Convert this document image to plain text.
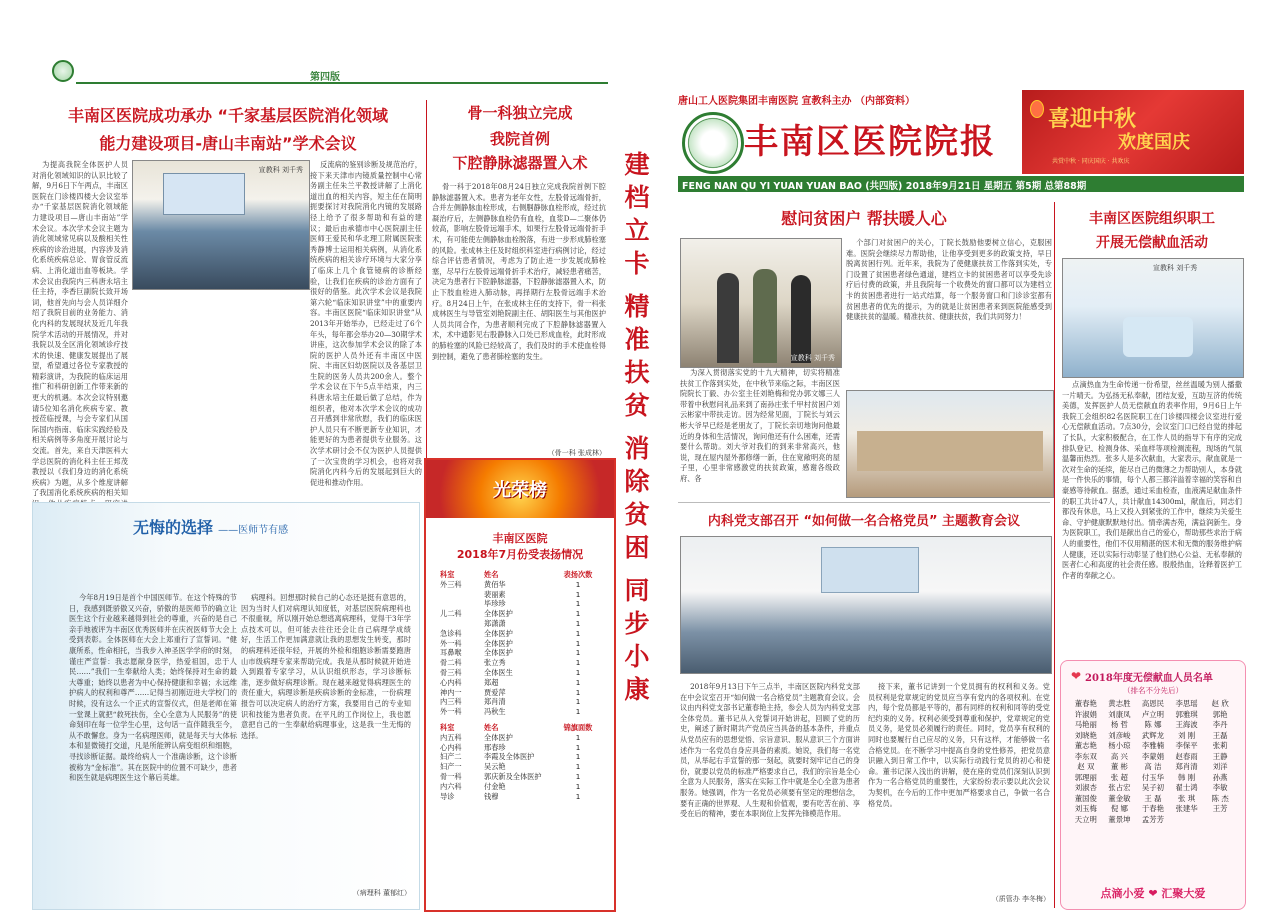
第四版
丰南区医院成功承办 “千家基层医院消化领域
能力建设项目-唐山丰南站”学术会议
为提高我院全体医护人员对消化领域知识的认识比较了解，9月6日下午两点，丰南区医院在门诊楼四楼大会议室举办“千家基层医院消化领域能力建设项目—唐山丰南站”学术会议。本次学术会议主题为消化领域常见病以及酸相关性疾病的诊治进展，内容涉及消化系统疾病总论、胃食管反流病、上消化道出血等板块。学术会议由我院内三科唐永培主任主持，李香巨副院长致开场词，他首先向与会人员详细介绍了我院目前的业务能力、消化内科的发展现状及近几年我院学术活动的开展情况，并对我院以及全区消化领域诊疗技术的快速、健康发展提出了展望，希望通过各位专家教授的精彩演讲，为我院的临床运用推广和科研创新工作带来新的更大的机遇。本次会议特别邀请5位知名消化疾病专家、教授莅临授课，与会专家们从国际国内指南、临床实践经验及相关病例等多角度开展讨论与交流。首先，来自天津医科大学总医院的消化科主任王邦茂教授以《我们身边的消化系统疾病》为题，从多个维度讲解了我国消化系统疾病的相关知
宣教科 刘千秀
反流病的鉴别诊断及规范治疗，接下来天津市内镜质量控制中心常务副主任朱兰平教授讲解了上消化道出血的相关内容，短主任在简明扼要探讨对我院消化内镜的发展路径上给予了很多帮助和有益的建议；最后由承德市中心医院副主任医师王爱民和华北理工附属医院张秀静博士运用相关病例，从消化系统疾病的相关诊疗环境与大家分享了临床上几个食管镜病的诊断经验，让我们在疾病的诊治方面有了很好的借鉴。此次学术会议是我院第六轮“临床知识讲堂”中的重要内容。丰南区医院“临床知识讲堂”从2013年开始举办，已经走过了6个年头，每年都会举办20—30期学术讲座，这次参加学术会议的除了本院的医护人员外还有丰南区中医院、丰南区妇幼医院以及各基层卫生院的医务人员共200余人。整个学术会议在下午5点半结束，内三科唐永培主任最后做了总结，作为组织者，他对本次学术会议的成功召开感到非常欣慰，我们的临床医护人员只有不断更新专业知识，才能更好的为患者提供专业服务。这次学术研讨会不仅为医护人员提供了一次宝贵的学习机会，也将对我院消化内科今后的发展起到巨大的促进和推动作用。
骨一科独立完成
我院首例
下腔静脉滤器置入术
骨一科于2018年08月24日独立完成我院首例下腔静脉滤器置入术。患者为老年女性，左股骨远端骨折，合并左侧静脉血栓形成，右侧腘静脉血栓形成，经过抗凝治疗后，左侧静脉血栓仍有血栓，血浆D—二聚体仍较高，影响左股骨远端手术，如果行左股骨远端骨折手术，有可能使左侧静脉血栓脱落，有进一步形成肺栓塞的风险。张成林主任及时组织科室进行病例讨论，经过综合评估患者情况，考虑为了防止进一步发展成肺栓塞，尽早行左股骨远端骨折手术治疗，减轻患者痛苦，决定为患者行下腔静脉滤器，下腔静脉滤器置入术，防止下肢血栓进入肺动脉，再择期行左股骨远端手术治疗。8月24日上午，在张成林主任的支持下，骨一科张成林医生与导管室刘艳院副主任、胡阳医生与其他医护人员共同合作，为患者顺利完成了下腔静脉滤器置入术，术中通影见右股静脉入口处已形成血栓，此时形成的肺栓塞的风险已经较高了，我们及时的手术使血栓得到控制，避免了患者肺栓塞的发生。
（骨一科 张成林）
无悔的选择 ——医师节有感
今年8月19日是首个中国医师节。在这个特殊的节日，我感到既骄傲又兴奋，骄傲的是医师节的确立让医生这个行业越来越得到社会的尊重，兴奋的是自己亲手地被评为丰南区优秀医师并在庆祝医师节大会上受到表彰。全体医师在大会上郑重行了宣誓词。“健康所系，性命相托，当我步入神圣医学学府的时刻，谨庄严宣誓：我志愿献身医学，热爱祖国，忠于人民……”我们一生奉献给人类；始终保持对生命的最大尊重；始终以患者为中心保持健康和幸福；永远维护病人的权利和尊严……记得当初刚迈进大学校门的时候，没有这么一个正式的宣誓仪式，但是老师在第一堂课上就把“救死扶伤，全心全意为人民服务”的使命刻印在每一位学生心里，这句话一直伴随我至今，从不敢懈怠。身为一名病理医师，就是每天与大体标本和显微镜打交道，凡是所能辨认病变组织和细胞，寻找诊断证据。最终给病人一个准确诊断，这个诊断被称为“金标准”。其在医院中的位置不可缺少，患者和医生就是病理医生这个幕后英雄。
病理科。回想那时候自己的心态还是挺有意思的，因为当时人们对病理认知度低，对基层医院病理科也不很重视，所以刚开始总想逃离病理科，觉得干3年学点技术可以，但可能去往往还会让自己病理学成绩好，生活工作更加满意就让我的思想发生转变，那时的病理科还很年轻，开展的外检和细胞诊断需要跑唐山市级病理专家来帮助完成。我是从那时候就开始进入到跟着专家学习，从认识组织形态，学习诊断标准，逐步做好病理诊断。现在越来越觉得病理医生的责任重大，病理诊断是疾病诊断的金标准，一份病理报告可以决定病人的治疗方案，我要用自己的专业知识和技能为患者负责。在平凡的工作岗位上，我也愿意把自己的一生奉献给病理事业，这是我一生无悔的选择。
（病理科 董郁红）
光荣榜
丰南区医院
2018年7月份受表扬情况
科室	姓名	表扬次数
外三科	黄佰华	1
裴丽素	1
毕珍珍	1
儿二科	全体医护	1
郑潇潇	1
急诊科	全体医护	1
外一科	全体医护	1
耳鼻喉	全体医护	1
骨二科	张立秀	1
骨三科	全体医生	1
心内科	郑超	1
神内一	贾爱萍	1
内三科	郑肖清	1
外一科	冯秋生	1
科室	姓名	锦旗面数
内五科	全体医护	1
心内科	邢春珍	1
妇产二	李霞及全体医护	1
妇产一	吴云艳	1
骨一科	郭庆新及全体医护	1
内六科	付金艳	1
导诊	钱穆	1
建
档
立
卡
精
准
扶
贫
消
除
贫
困
同
步
小
康
唐山工人医院集团丰南医院 宣教科主办 （内部资料）
丰南区医院院报
喜迎中秋
欢度国庆
共赏中秋 · 同庆国庆 · 共欢庆
FENG NAN QU YI YUAN YUAN BAO (共四版) 2018年9月21日 星期五 第5期 总第88期
慰问贫困户 帮扶暖人心
宣教科 刘千秀
个部门对贫困户的关心，丁院长鼓励他要树立信心，克服困难。医院会继续尽力帮助他，让他享受到更多的政策支持，早日脱离贫困行列。近年来，我院为了使健康扶贫工作落到实处，专门设置了贫困患者绿色通道，建档立卡的贫困患者可以享受先诊疗后付费的政策，并且我院每一个收费处的窗口都可以为建档立卡的贫困患者进行一站式结算，每一个服务窗口和门诊诊室都有贫困患者的优先的提示，为的就是让贫困患者来到医院能感受到健康扶贫的温暖。精准扶贫、健康扶贫，我们共同努力！
为深入贯彻落实党的十九大精神，切实将精准扶贫工作落到实处，在中秋节来临之际，丰南区医院院长丁毅、办公室主任刘艳梅和党办郭文娜三人带着中秋慰问礼品来到了南孙庄张千甲村贫困户刘云彬家中带扶走访。因为经常见面，丁院长与刘云彬大爷早已经是老朋友了，丁院长亲切地询问他最近的身体和生活情况，询问他还有什么困难，还需要什么帮助。刘大爷对我们的到来非常高兴，他说，现在屋内屋外都修缮一新，住在宽敞明亮的屋子里，心里非常感激党的扶贫政策，感谢各级政府、各
内科党支部召开 “如何做一名合格党员” 主题教育会议
2018年9月13日下午三点半，丰南区医院内科党支部在中会议室召开“如何做一名合格党员”主题教育会议。会议由内科党支部书记董春艳主持，参会人员为内科党支部全体党员。董书记从入党誓词开始讲起，回顾了党的历史，阐述了新时期共产党员应当具备的基本条件，并重点从党员应有的思想觉悟、宗旨意识、服从意识三个方面讲述作为一名党员自身应具备的素质。她说，我们每一名党员，从举起右手宣誓的那一刻起，就要时刻牢记自己的身份，就要以党员的标准严格要求自己，我们的宗旨是全心全意为人民服务，落实在实际工作中就是全心全意为患者服务。她强调，作为一名党员必须要有坚定的理想信念，要有正确的世界观、人生观和价值观，要有吃苦在前、享受在后的精神，要在本职岗位上发挥先锋模范作用。
接下来，董书记讲到一个党员拥有的权利和义务。党员权利是党章规定的党员应当享有党内的各项权利。在党内，每个党员都是平等的，都有同样的权利和同等的受党纪约束的义务。权利必须受到尊重和保护，党章规定的党员义务，是党员必须履行的责任。同时，党员享有权利的同时也要履行自己应尽的义务，只有这样，才能够做一名合格党员。在不断学习中提高自身的党性修养，把党员意识融入到日常工作中，以实际行动践行党员的初心和使命。董书记深入浅出的讲解，使在座的党员们深刻认识到作为一名合格党员的重要性，大家纷纷表示要以此次会议为契机，在今后的工作中更加严格要求自己，争做一名合格党员。
（质管办 李冬梅）
丰南区医院组织职工
开展无偿献血活动
宣教科 刘千秀
点滴热血为生命传递一份希望，丝丝温暖为别人播撒一片晴天。为弘扬无私奉献，团结友爱，互助互济的传统美德，发挥医护人员无偿献血的表率作用，9月6日上午我院工会组织82名医院职工在门诊楼四楼会议室进行爱心无偿献血活动。7点30分，会议室门口已经自觉的排起了长队，大家积极配合，在工作人员的指导下有序的完成排队登记、检测身体、采血样等项检测流程，现场的气氛温馨而热烈。张多人是多次献血，大家表示，献血就是一次对生命的延续，能尽自己的微薄之力帮助别人，本身就是一件快乐的事情，每个人都三都洋溢着幸福的笑容和自豪感等待献血。据悉，通过采血检查，血液满足献血条件的职工共计47人，共计献血14300ml，献血后，同志们都没有休息，马上又投入到紧张的工作中，继续为关爱生命、守护健康默默地付出。情牵满杏苑，满益润新生。身为医院职工，我们是献出自己的爱心，帮助那些求治于病人的重要性，他们不仅用精湛的医术和无微的服务维护病人健康，还以实际行动彰显了他们热心公益、无私奉献的医者仁心和高度的社会责任感。殷殷热血，诠释着医护工作者的奉献之心。
❤ 2018年度无偿献血人员名单
（排名不分先后）
董春艳	黄志胜	高恩民	李思瑶	赵 欣
许淑娟	刘康凤	卢立明	郭雅琪	郭艳
马艳丽	杨 哲	陈 娜	王海波	李丹
刘晓艳	刘彦峻	武辉龙	刘 刚	王磊
董志艳	杨小琼	李雅楠	李保平	张莉
李东双	高 兴	李蒙娟	赵春雨	王静
赵 双	董 彬	高 洁	郑肖清	刘洋
郭理丽	张 超	付玉华	韩 刚	孙燕
刘淑杏	张占宏	吴子初	翟士鸿	李敏
董国俊	董金敏	王 磊	张 琪	陈 杰
刘玉梅	倪 娜	于春艳	张建华	王芳
天立明	董景坤	孟芳芳
点滴小爱 ❤ 汇聚大爱
